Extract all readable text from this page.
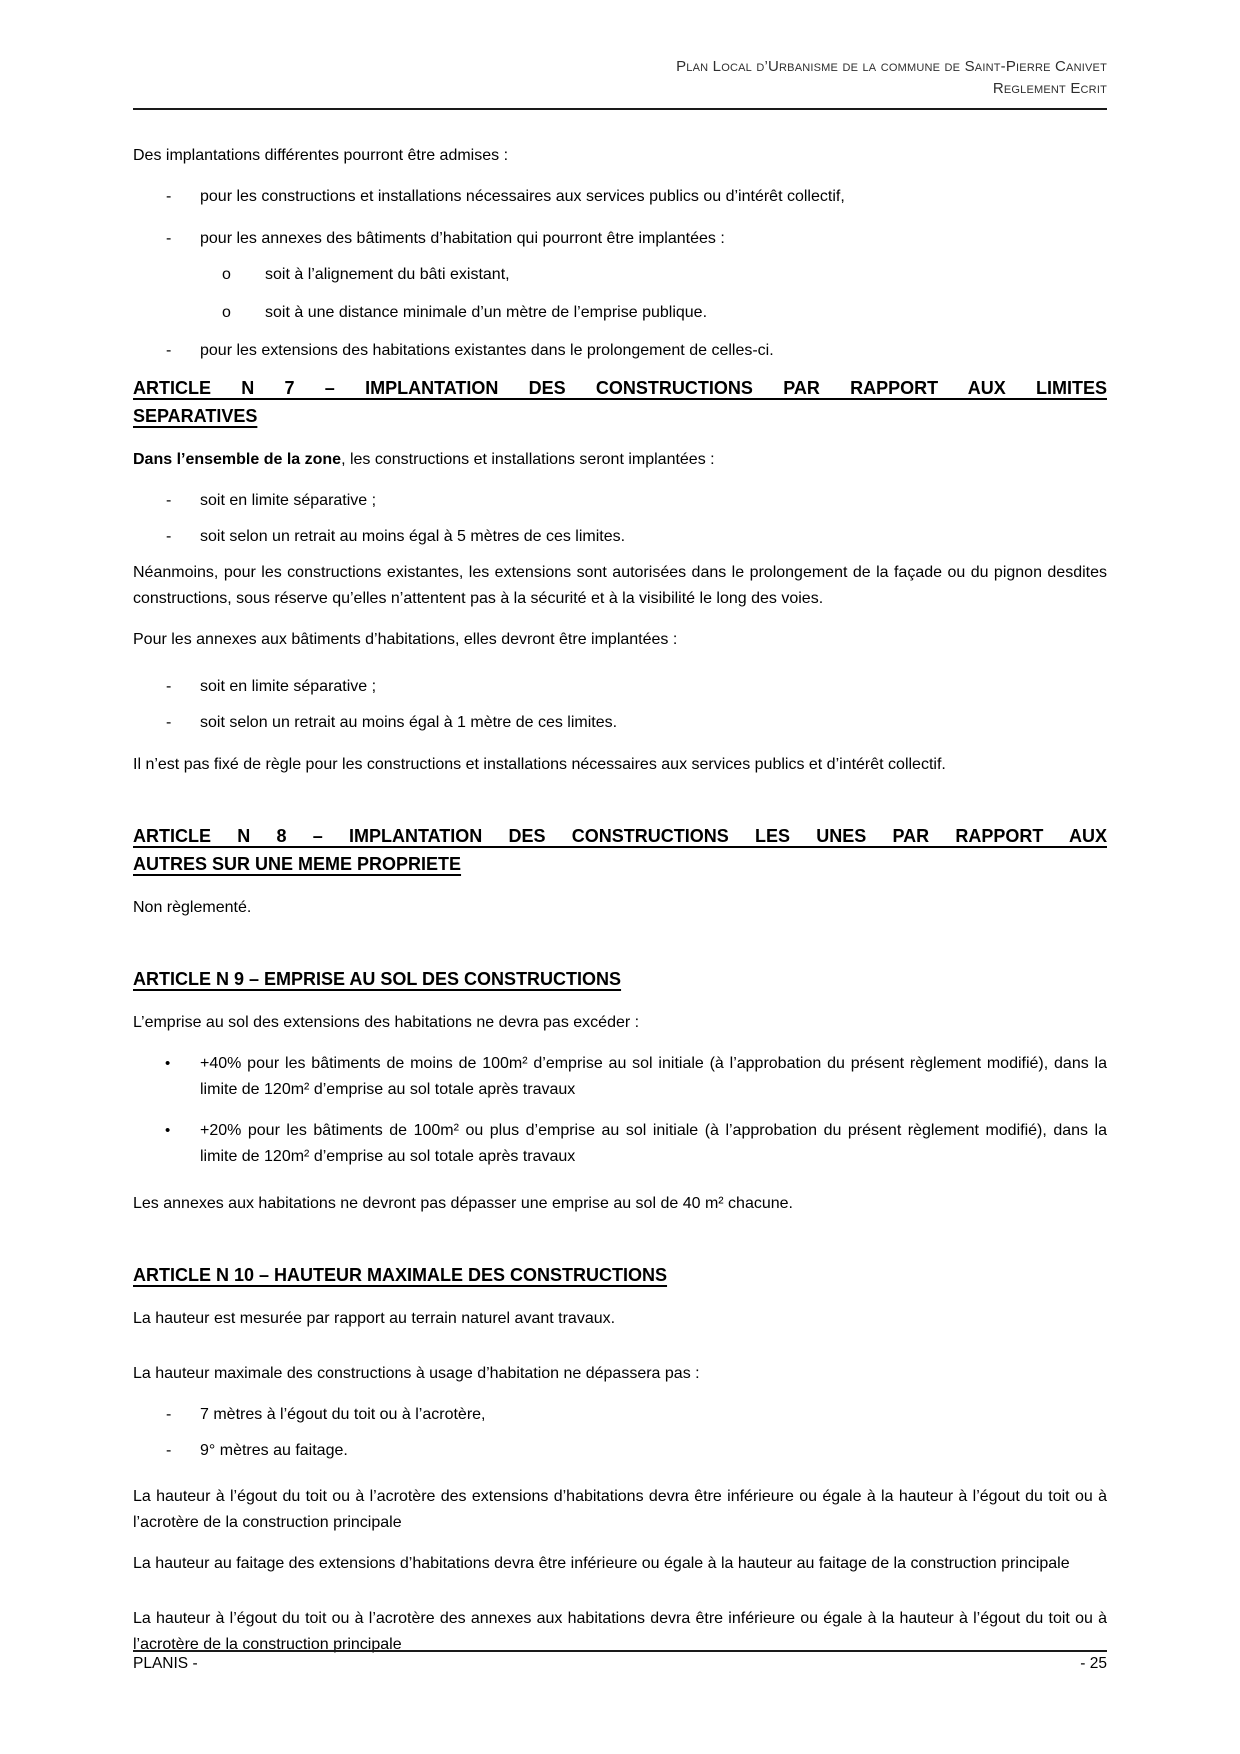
Plan Local d’Urbanisme de la commune de Saint-Pierre Canivet
Reglement Ecrit

Des implantations différentes pourront être admises :

- pour les constructions et installations nécessaires aux services publics ou d’intérêt collectif,
- pour les annexes des bâtiments d’habitation qui pourront être implantées :
o soit à l’alignement du bâti existant,
o soit à une distance minimale d’un mètre de l’emprise publique.
- pour les extensions des habitations existantes dans le prolongement de celles-ci.
ARTICLE N 7 – IMPLANTATION DES CONSTRUCTIONS PAR RAPPORT AUX LIMITES
SEPARATIVES

Dans l’ensemble de la zone, les constructions et installations seront implantées :

- soit en limite séparative ;
- soit selon un retrait au moins égal à 5 mètres de ces limites.

Néanmoins, pour les constructions existantes, les extensions sont autorisées dans le prolongement de la façade ou du pignon desdites constructions, sous réserve qu’elles n’attentent pas à la sécurité et à la visibilité le long des voies.

Pour les annexes aux bâtiments d’habitations, elles devront être implantées :

- soit en limite séparative ;
- soit selon un retrait au moins égal à 1 mètre de ces limites.

Il n’est pas fixé de règle pour les constructions et installations nécessaires aux services publics et d’intérêt collectif.

ARTICLE N 8 – IMPLANTATION DES CONSTRUCTIONS LES UNES PAR RAPPORT AUX
AUTRES SUR UNE MEME PROPRIETE

Non règlementé.

ARTICLE N 9 – EMPRISE AU SOL DES CONSTRUCTIONS

L’emprise au sol des extensions des habitations ne devra pas excéder :

• +40% pour les bâtiments de moins de 100m² d’emprise au sol initiale (à l’approbation du présent règlement modifié), dans la limite de 120m² d’emprise au sol totale après travaux
• +20% pour les bâtiments de 100m² ou plus d’emprise au sol initiale (à l’approbation du présent règlement modifié), dans la limite de 120m² d’emprise au sol totale après travaux

Les annexes aux habitations ne devront pas dépasser une emprise au sol de 40 m² chacune.

ARTICLE N 10 – HAUTEUR MAXIMALE DES CONSTRUCTIONS

La hauteur est mesurée par rapport au terrain naturel avant travaux.

La hauteur maximale des constructions à usage d’habitation ne dépassera pas :

- 7 mètres à l’égout du toit ou à l’acrotère,
- 9° mètres au faitage.

La hauteur à l’égout du toit ou à l’acrotère des extensions d’habitations devra être inférieure ou égale à la hauteur à l’égout du toit ou à l’acrotère de la construction principale

La hauteur au faitage des extensions d’habitations devra être inférieure ou égale à la hauteur au faitage de la construction principale

La hauteur à l’égout du toit ou à l’acrotère des annexes aux habitations devra être inférieure ou égale à la hauteur à l’égout du toit ou à l’acrotère de la construction principale

PLANIS -	- 25
